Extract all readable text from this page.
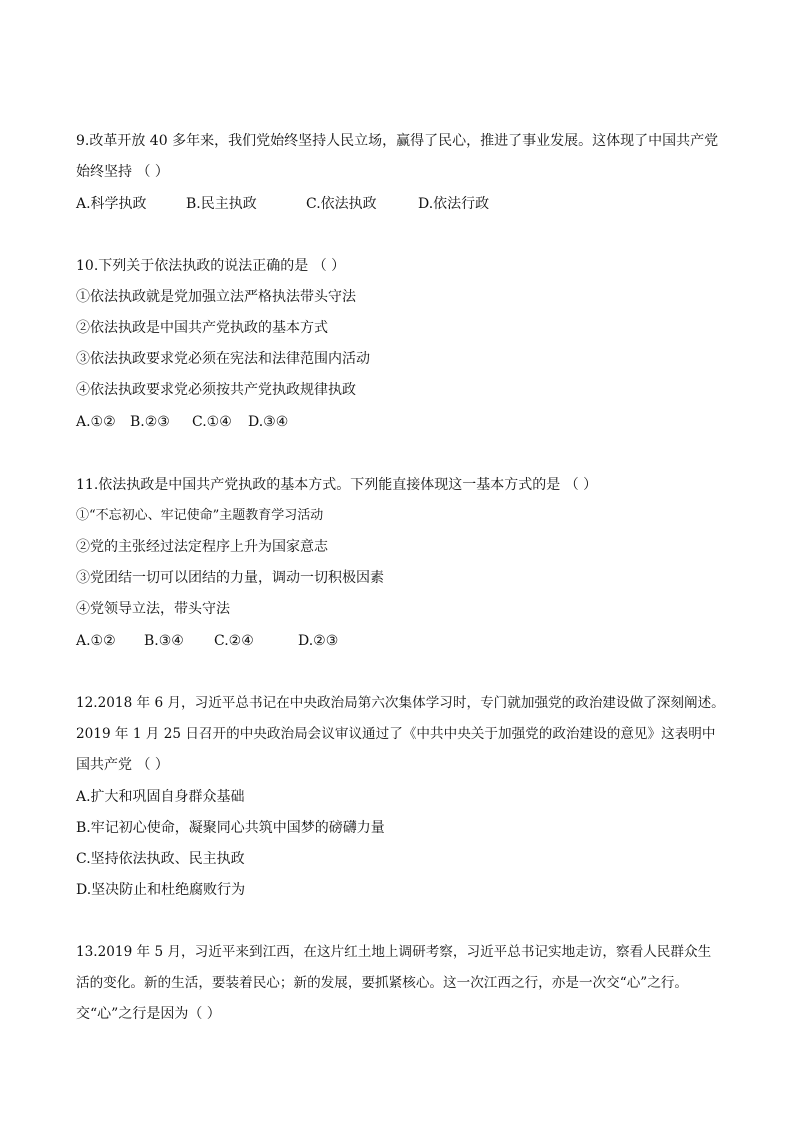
9.改革开放 40 多年来，我们党始终坚持人民立场，赢得了民心，推进了事业发展。这体现了中国共产党
始终坚持 （ ）
A.科学执政	B.民主执政	C.依法执政	D.依法行政
10.下列关于依法执政的说法正确的是 （ ）
①依法执政就是党加强立法严格执法带头守法
②依法执政是中国共产党执政的基本方式
③依法执政要求党必须在宪法和法律范围内活动
④依法执政要求党必须按共产党执政规律执政
A.①② B.②③ C.①④ D.③④
11.依法执政是中国共产党执政的基本方式。下列能直接体现这一基本方式的是 （ ）
①“不忘初心、牢记使命”主题教育学习活动
②党的主张经过法定程序上升为国家意志
③党团结一切可以团结的力量，调动一切积极因素
④党领导立法，带头守法
A.①② B.③④ C.②④	D.②③
12.2018 年 6 月，习近平总书记在中央政治局第六次集体学习时，专门就加强党的政治建设做了深刻阐述。
2019 年 1 月 25 日召开的中央政治局会议审议通过了《中共中央关于加强党的政治建设的意见》这表明中
国共产党 （ ）
A.扩大和巩固自身群众基础
B.牢记初心使命，凝聚同心共筑中国梦的磅礴力量
C.坚持依法执政、民主执政
D.坚决防止和杜绝腐败行为
13.2019 年 5 月，习近平来到江西，在这片红土地上调研考察，习近平总书记实地走访，察看人民群众生
活的变化。新的生活，要装着民心；新的发展，要抓紧核心。这一次江西之行，亦是一次交“心”之行。
交“心”之行是因为（ ）
